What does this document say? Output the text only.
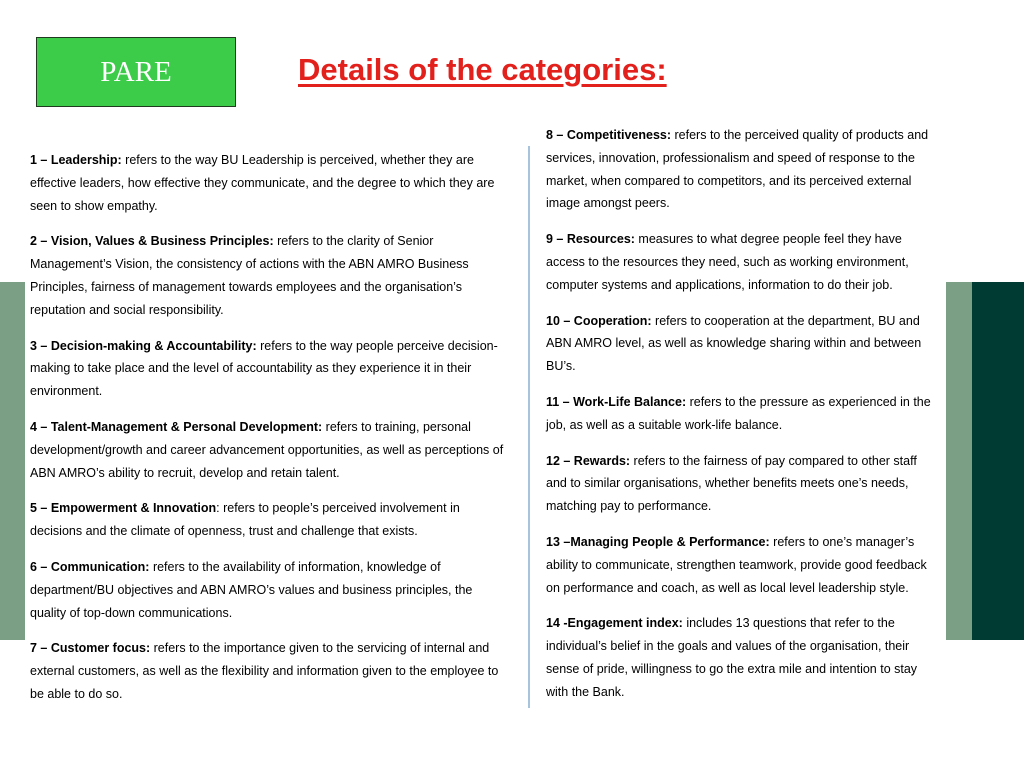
PARE	Details of the categories:

1 – Leadership: refers to the way BU Leadership is perceived, whether they are effective leaders, how effective they communicate, and the degree to which they are seen to show empathy.

2 – Vision, Values & Business Principles: refers to the clarity of Senior Management’s Vision, the consistency of actions with the ABN AMRO Business Principles, fairness of management towards employees and the organisation’s reputation and social responsibility.

3 – Decision-making & Accountability: refers to the way people perceive decision-making to take place and the level of accountability as they experience it in their environment.

4 – Talent-Management & Personal Development: refers to training, personal development/growth and career advancement opportunities, as well as perceptions of ABN AMRO’s ability to recruit, develop and retain talent.

5 – Empowerment & Innovation: refers to people’s perceived involvement in decisions and the climate of openness, trust and challenge that exists.

6 – Communication: refers to the availability of information, knowledge of department/BU objectives and ABN AMRO’s values and business principles, the quality of top-down communications.

7 – Customer focus: refers to the importance given to the servicing of internal and external customers, as well as the flexibility and information given to the employee to be able to do so.

8 – Competitiveness: refers to the perceived quality of products and services, innovation, professionalism and speed of response to the market, when compared to competitors, and its perceived external image amongst peers.

9 – Resources: measures to what degree people feel they have access to the resources they need, such as working environment, computer systems and applications, information to do their job.

10 – Cooperation: refers to cooperation at the department, BU and ABN AMRO level, as well as knowledge sharing within and between BU’s.

11 – Work-Life Balance: refers to the pressure as experienced in the job, as well as a suitable work-life balance.

12 – Rewards: refers to the fairness of pay compared to other staff and to similar organisations, whether benefits meets one’s needs, matching pay to performance.

13 –Managing People & Performance: refers to one’s manager’s ability to communicate, strengthen teamwork, provide good feedback on performance and coach, as well as local level leadership style.

14 -Engagement index: includes 13 questions that refer to the individual’s belief in the goals and values of the organisation, their sense of pride, willingness to go the extra mile and intention to stay with the Bank.
